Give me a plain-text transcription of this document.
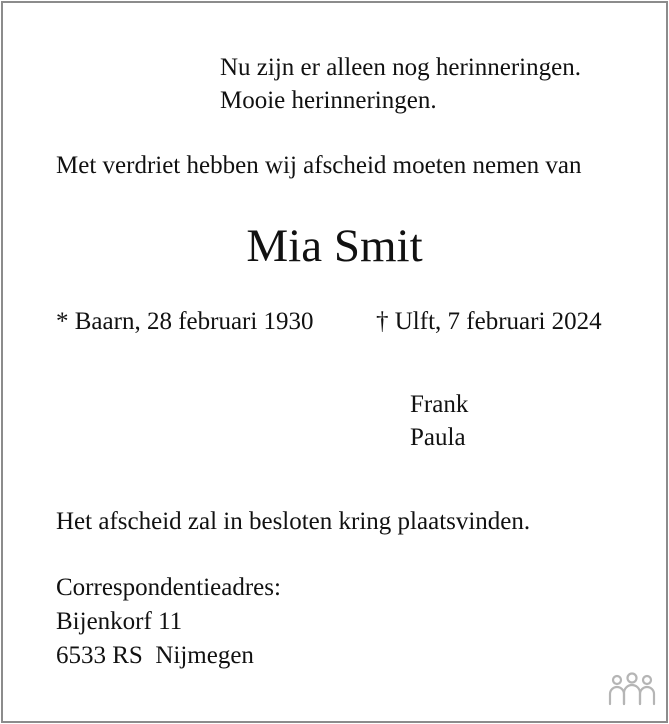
Nu zijn er alleen nog herinneringen.
Mooie herinneringen.
Met verdriet hebben wij afscheid moeten nemen van
Mia Smit
* Baarn, 28 februari 1930 † Ulft, 7 februari 2024
Frank
Paula
Het afscheid zal in besloten kring plaatsvinden.
Correspondentieadres:
Bijenkorf 11
6533 RS  Nijmegen
